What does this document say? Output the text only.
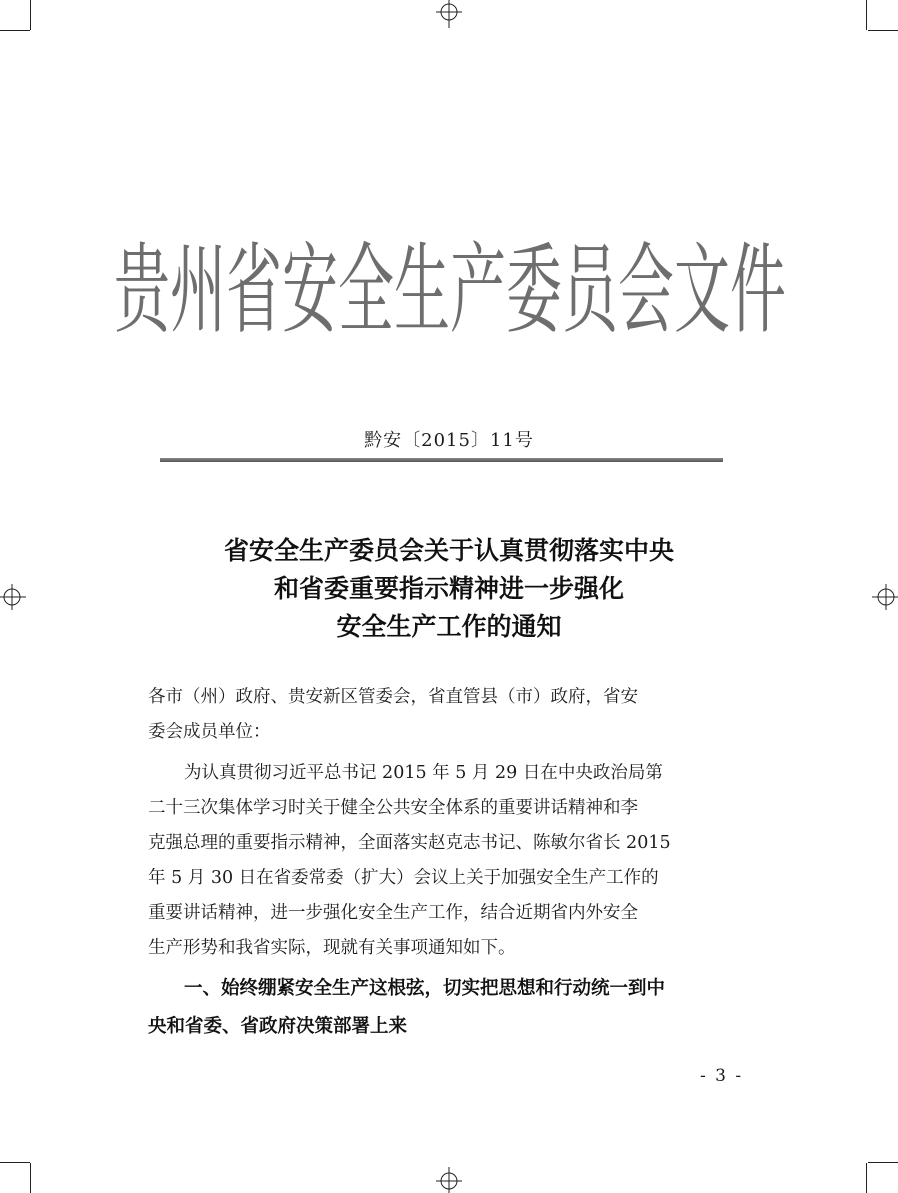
贵州省安全生产委员会文件
黔安〔2015〕11号
省安全生产委员会关于认真贯彻落实中央
和省委重要指示精神进一步强化
安全生产工作的通知
各市（州）政府、贵安新区管委会，省直管县（市）政府，省安
委会成员单位：
为认真贯彻习近平总书记 2015 年 5 月 29 日在中央政治局第
二十三次集体学习时关于健全公共安全体系的重要讲话精神和李
克强总理的重要指示精神，全面落实赵克志书记、陈敏尔省长 2015
年 5 月 30 日在省委常委（扩大）会议上关于加强安全生产工作的
重要讲话精神，进一步强化安全生产工作，结合近期省内外安全
生产形势和我省实际，现就有关事项通知如下。
一、始终绷紧安全生产这根弦，切实把思想和行动统一到中
央和省委、省政府决策部署上来
- 3 -
